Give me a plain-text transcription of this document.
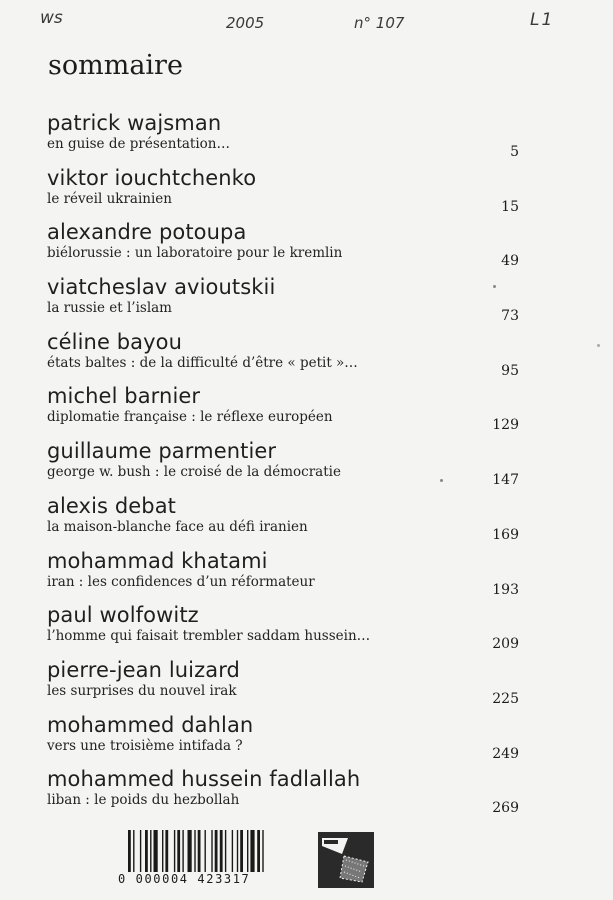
ws	2005	n° 107	L1
sommaire
patrick wajsman
en guise de présentation…	5
viktor iouchtchenko
le réveil ukrainien	15
alexandre potoupa
biélorussie : un laboratoire pour le kremlin	49
viatcheslav avioutskii
la russie et l’islam	73
céline bayou
états baltes : de la difficulté d’être « petit »…	95
michel barnier
diplomatie française : le réflexe européen	129
guillaume parmentier
george w. bush : le croisé de la démocratie	147
alexis debat
la maison-blanche face au défi iranien	169
mohammad khatami
iran : les confidences d’un réformateur	193
paul wolfowitz
l’homme qui faisait trembler saddam hussein…	209
pierre-jean luizard
les surprises du nouvel irak	225
mohammed dahlan
vers une troisième intifada ?	249
mohammed hussein fadlallah
liban : le poids du hezbollah	269
0 000004 423317
